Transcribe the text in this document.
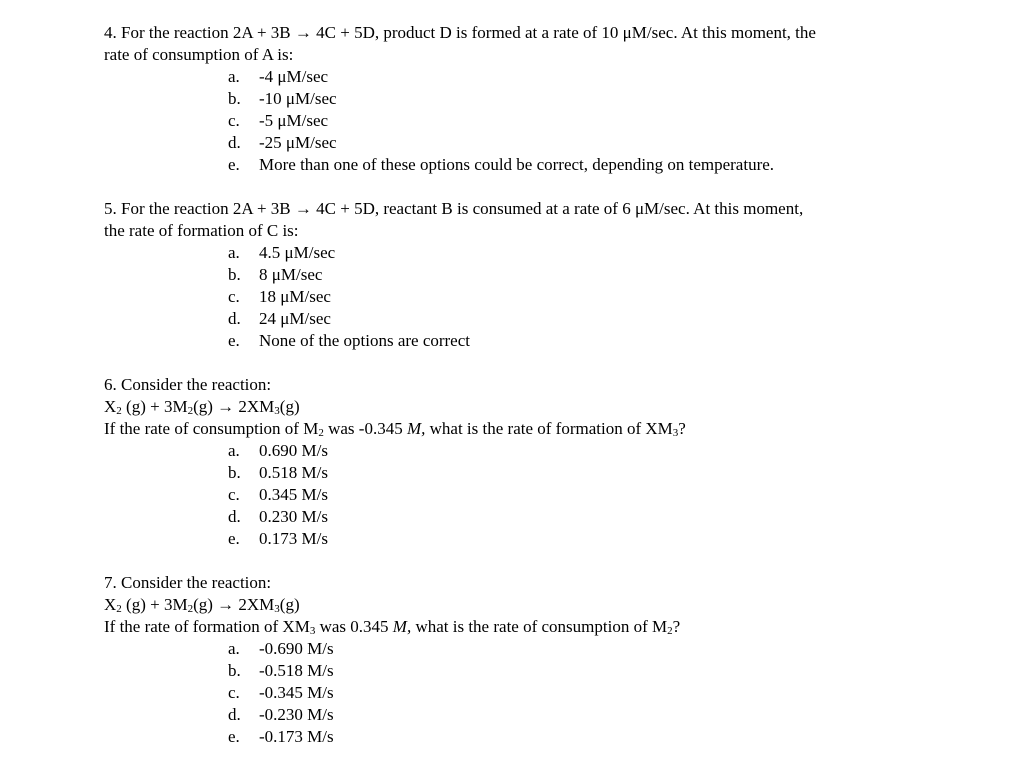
4. For the reaction 2A + 3B → 4C + 5D, product D is formed at a rate of 10 μM/sec. At this moment, the
rate of consumption of A is:
a. -4 μM/sec
b. -10 μM/sec
c. -5 μM/sec
d. -25 μM/sec
e. More than one of these options could be correct, depending on temperature.
5. For the reaction 2A + 3B → 4C + 5D, reactant B is consumed at a rate of 6 μM/sec. At this moment,
the rate of formation of C is:
a. 4.5 μM/sec
b. 8 μM/sec
c. 18 μM/sec
d. 24 μM/sec
e. None of the options are correct
6. Consider the reaction:
$X_2$ $(g) + 3M_2(g) \to 2XM_3(g)$
If the rate of consumption of $M_2$ was -0.345 M, what is the rate of formation of $XM_3$?
a. 0.690 M/s
b. 0.518 M/s
c. 0.345 M/s
d. 0.230 M/s
e. 0.173 M/s
7. Consider the reaction:
$X_2$ $(g) + 3M_2(g) \to 2XM_3(g)$
If the rate of formation of $XM_3$ was 0.345 M, what is the rate of consumption of $M_2$?
a. -0.690 M/s
b. -0.518 M/s
c. -0.345 M/s
d. -0.230 M/s
e. -0.173 M/s
